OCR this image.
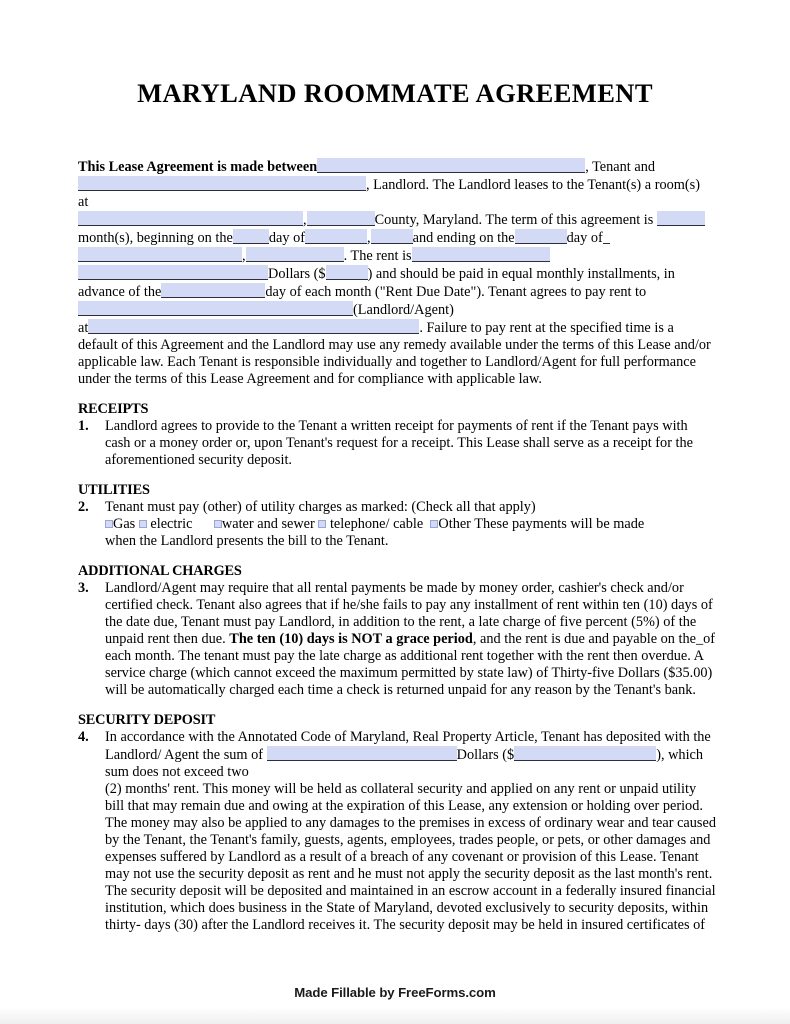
MARYLAND ROOMMATE AGREEMENT

This Lease Agreement is made between	, Tenant and
, Landlord. The Landlord leases to the Tenant(s) a room(s)
at
,	County, Maryland. The term of this agreement is
month(s), beginning on the	day of	,	and ending on the	day of
,	. The rent is
Dollars ($	) and should be paid in equal monthly installments, in
advance of the	day of each month ("Rent Due Date"). Tenant agrees to pay rent to
(Landlord/Agent)
at	. Failure to pay rent at the specified time is a
default of this Agreement and the Landlord may use any remedy available under the terms of this Lease and/or applicable law. Each Tenant is responsible individually and together to Landlord/Agent for full performance under the terms of this Lease Agreement and for compliance with applicable law.

RECEIPTS

1. Landlord agrees to provide to the Tenant a written receipt for payments of rent if the Tenant pays with cash or a money order or, upon Tenant's request for a receipt. This Lease shall serve as a receipt for the aforementioned security deposit.

UTILITIES

2. Tenant must pay (other) of utility charges as marked: (Check all that apply)
Gas  electric water and sewer  telephone/ cable Other These payments will be made
when the Landlord presents the bill to the Tenant.

ADDITIONAL CHARGES

3. Landlord/Agent may require that all rental payments be made by money order, cashier's check and/or certified check. Tenant also agrees that if he/she fails to pay any installment of rent within ten (10) days of the date due, Tenant must pay Landlord, in addition to the rent, a late charge of five percent (5%) of the unpaid rent then due. The ten (10) days is NOT a grace period, and the rent is due and payable on the_of each month. The tenant must pay the late charge as additional rent together with the rent then overdue. A service charge (which cannot exceed the maximum permitted by state law) of Thirty-five Dollars ($35.00) will be automatically charged each time a check is returned unpaid for any reason by the Tenant's bank.

SECURITY DEPOSIT

4. In accordance with the Annotated Code of Maryland, Real Property Article, Tenant has deposited with the Landlord/ Agent the sum of	Dollars ($	), which sum does not exceed two
(2) months' rent. This money will be held as collateral security and applied on any rent or unpaid utility bill that may remain due and owing at the expiration of this Lease, any extension or holding over period. The money may also be applied to any damages to the premises in excess of ordinary wear and tear caused by the Tenant, the Tenant's family, guests, agents, employees, trades people, or pets, or other damages and expenses suffered by Landlord as a result of a breach of any covenant or provision of this Lease. Tenant may not use the security deposit as rent and he must not apply the security deposit as the last month's rent. The security deposit will be deposited and maintained in an escrow account in a federally insured financial institution, which does business in the State of Maryland, devoted exclusively to security deposits, within thirty- days (30) after the Landlord receives it. The security deposit may be held in insured certificates of

Made Fillable by FreeForms.com
